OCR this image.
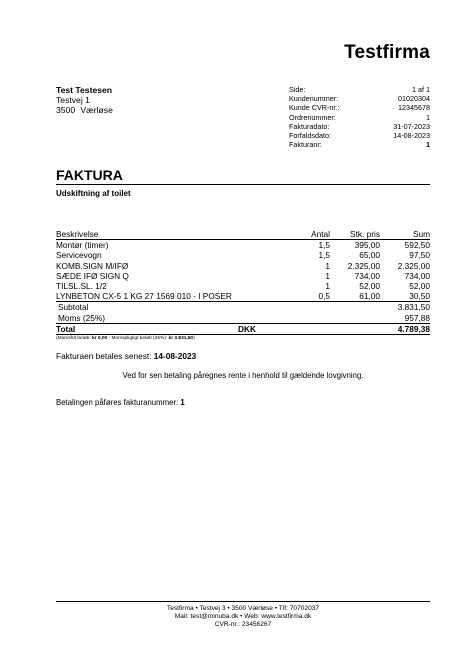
Testfirma
Test Testesen
Testvej 1
3500 Værløse
Side:	1 af 1
Kundenummer:	01020304
Kunde CVR-nr.:	12345678
Ordrenummer:	1
Fakturadato:	31-07-2023
Forfaldsdato:	14-08-2023
Fakturanr:	1
FAKTURA
Udskiftning af toilet
Beskrivelse	Antal	Stk. pris	Sum
Montør (timer)	1,5	395,00	592,50
Servicevogn	1,5	65,00	97,50
KOMB.SIGN M/IFØ	1	2.325,00	2.325,00
SÆDE IFØ SIGN Q	1	734,00	734,00
TILSL.SL. 1/2	1	52,00	52,00
LYNBETON CX-5 1 KG 27 1569 010 - I POSER	0,5	61,00	30,50
Subtotal	3.831,50
Moms (25%)	957,88
Total	DKK	4.789,38
(Momsfrit beløb: kr 0,00 - Momspligtigt beløb (25%): kr 3.831,50)
Fakturaen betales senest: 14-08-2023
Ved for sen betaling påregnes rente i henhold til gældende lovgivning.
Betalingen påføres fakturanummer: 1
Testfirma • Testvej 3 • 3500 Værløse • Tlf: 70702037
Mail: test@minuba.dk • Web: www.testfirma.dk
CVR-nr.: 23456267
